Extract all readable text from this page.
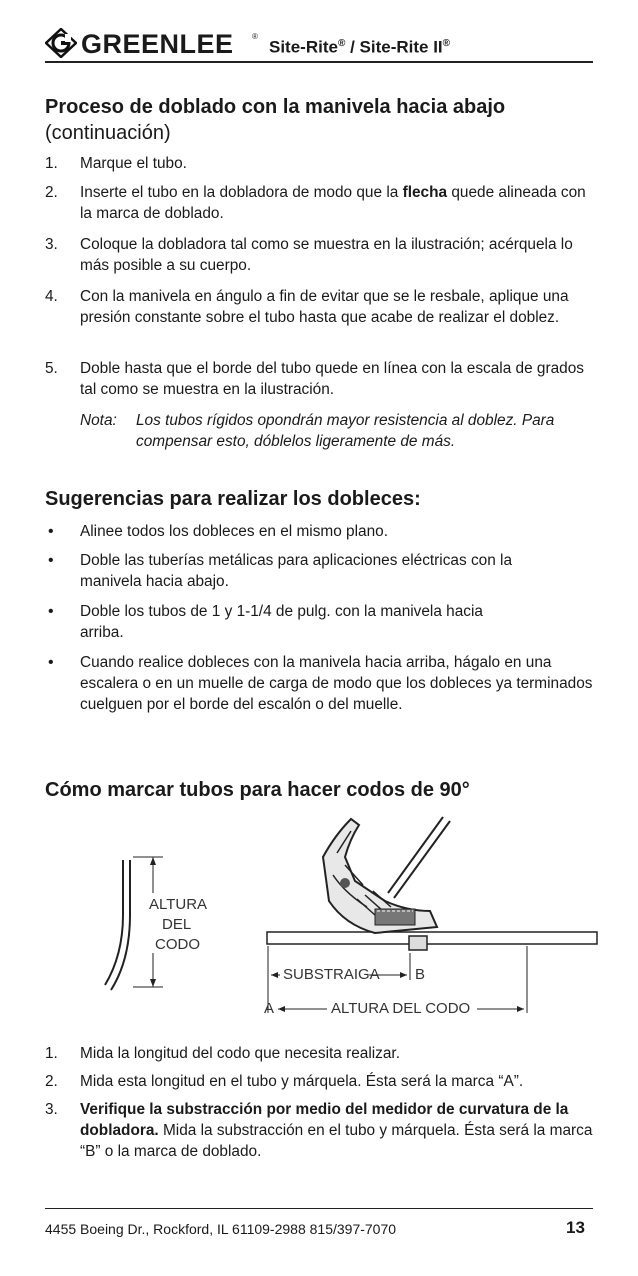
GREENLEE ®
Site-Rite® / Site-Rite II®
Proceso de doblado con la manivela hacia abajo
(continuación)
1. Marque el tubo.
2. Inserte el tubo en la dobladora de modo que la flecha quede alineada con la marca de doblado.
3. Coloque la dobladora tal como se muestra en la ilustración; acérquela lo más posible a su cuerpo.
4. Con la manivela en ángulo a fin de evitar que se le resbale, aplique una presión constante sobre el tubo hasta que acabe de realizar el doblez.
5. Doble hasta que el borde del tubo quede en línea con la escala de grados tal como se muestra en la ilustración.
Nota: Los tubos rígidos opondrán mayor resistencia al doblez. Para compensar esto, dóblelos ligeramente de más.
Sugerencias para realizar los dobleces:
• Alinee todos los dobleces en el mismo plano.
• Doble las tuberías metálicas para aplicaciones eléctricas con la manivela hacia abajo.
• Doble los tubos de 1 y 1-1/4 de pulg. con la manivela hacia arriba.
• Cuando realice dobleces con la manivela hacia arriba, hágalo en una escalera o en un muelle de carga de modo que los dobleces ya terminados cuelguen por el borde del escalón o del muelle.
Cómo marcar tubos para hacer codos de 90°
ALTURA
DEL
CODO
SUBSTRAIGA B
A	ALTURA DEL CODO
1. Mida la longitud del codo que necesita realizar.
2. Mida esta longitud en el tubo y márquela. Ésta será la marca “A”.
3. Verifique la substracción por medio del medidor de curvatura de la dobladora. Mida la substracción en el tubo y márquela. Ésta será la marca “B” o la marca de doblado.
4455 Boeing Dr., Rockford, IL 61109-2988 815/397-7070	13
